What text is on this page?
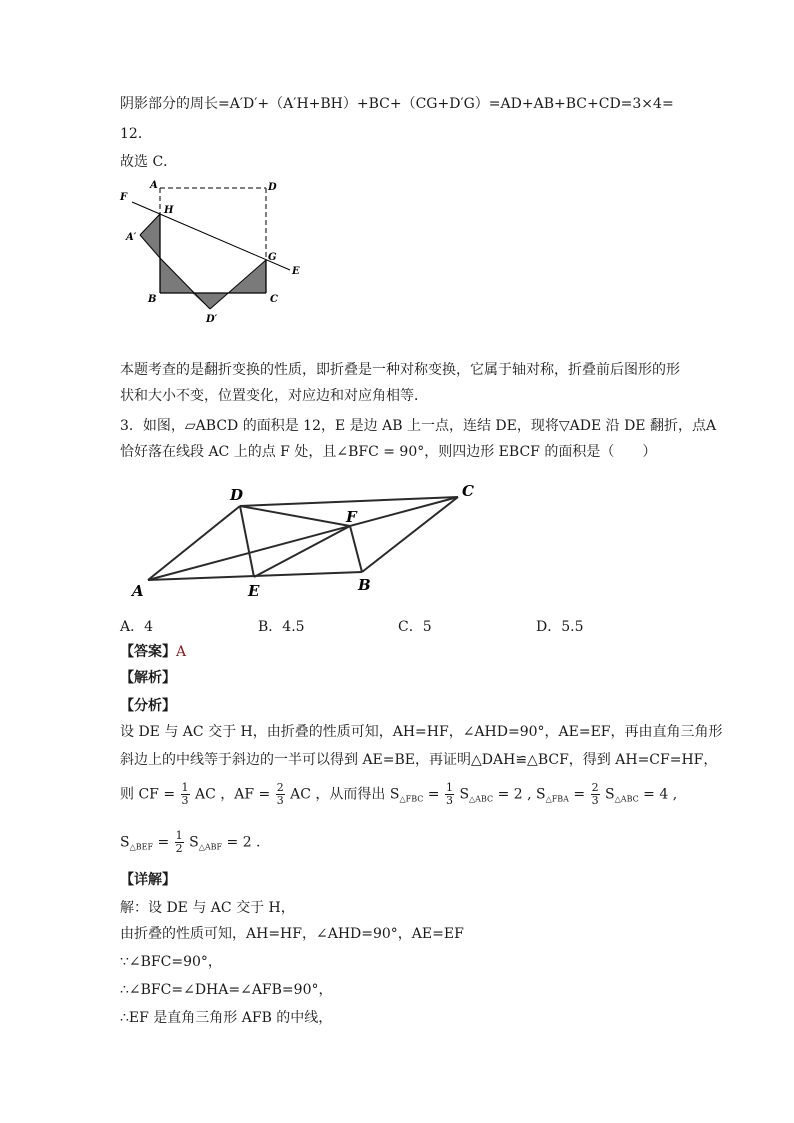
阴影部分的周长=A′D′+（A′H+BH）+BC+（CG+D′G）=AD+AB+BC+CD=3×4=
12．
故选 C．
A	D
F
H
A′
G
E
B	C
D′
本题考查的是翻折变换的性质，即折叠是一种对称变换，它属于轴对称，折叠前后图形的形
状和大小不变，位置变化，对应边和对应角相等．
3．如图，▱ABCD 的面积是 12，E 是边 AB 上一点，连结 DE，现将▽ADE 沿 DE 翻折，点A
恰好落在线段 AC 上的点 F 处，且∠BFC = 90°，则四边形 EBCF 的面积是（　　）
D	C
F
A	E	B
A．4	B．4.5	C．5	D．5.5
【答案】A
【解析】
【分析】
设 DE 与 AC 交于 H，由折叠的性质可知，AH=HF，∠AHD=90°，AE=EF，再由直角三角形
斜边上的中线等于斜边的一半可以得到 AE=BE，再证明△DAH≌△BCF，得到 AH=CF=HF，
则 CF = $\frac{1}{3}$ AC ，AF = $\frac{2}{3}$ AC ，从而得出 $S_{\triangle FBC} = \frac{1}{3} S_{\triangle ABC} = 2$ , $S_{\triangle FBA} = \frac{2}{3} S_{\triangle ABC} = 4$ ,
$S_{\triangle BEF} = \frac{1}{2} S_{\triangle ABF} = 2$ .
【详解】
解：设 DE 与 AC 交于 H，
由折叠的性质可知，AH=HF，∠AHD=90°，AE=EF
∵∠BFC=90°，
∴∠BFC=∠DHA=∠AFB=90°，
∴EF 是直角三角形 AFB 的中线，
